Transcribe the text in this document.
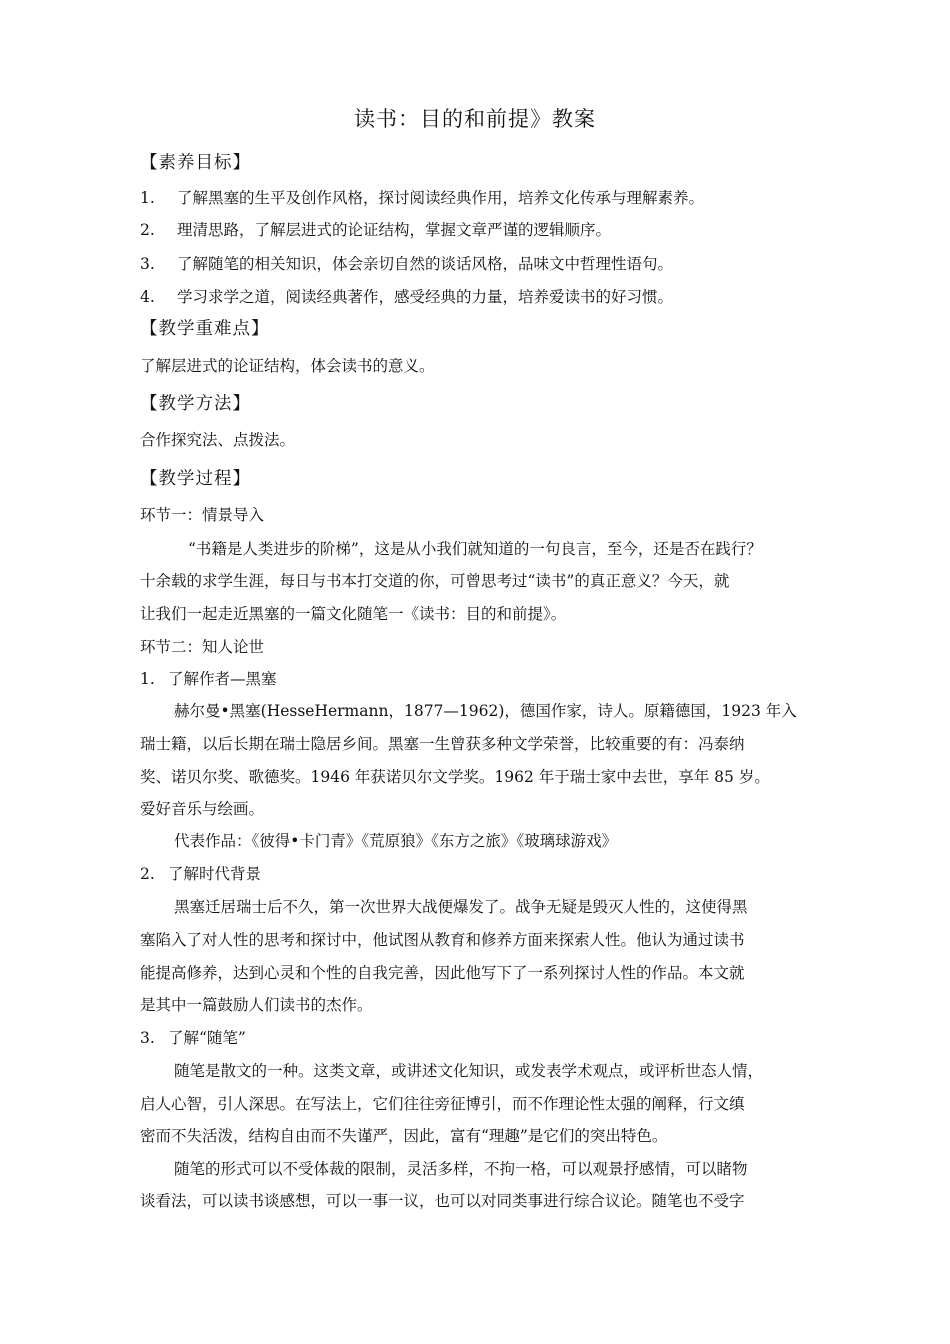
读书：目的和前提》教案
【素养目标】
1. 了解黑塞的生平及创作风格，探讨阅读经典作用，培养文化传承与理解素养。
2. 理清思路，了解层进式的论证结构，掌握文章严谨的逻辑顺序。
3. 了解随笔的相关知识，体会亲切自然的谈话风格，品味文中哲理性语句。
4. 学习求学之道，阅读经典著作，感受经典的力量，培养爱读书的好习惯。
【教学重难点】
了解层进式的论证结构，体会读书的意义。
【教学方法】
合作探究法、点拨法。
【教学过程】
环节一：情景导入
“书籍是人类进步的阶梯”，这是从小我们就知道的一句良言，至今，还是否在践行？
十余载的求学生涯，每日与书本打交道的你，可曾思考过“读书”的真正意义？今天，就
让我们一起走近黑塞的一篇文化随笔一《读书：目的和前提》。
环节二：知人论世
1. 了解作者—黑塞
赫尔曼•黑塞(HesseHermann，1877—1962)，德国作家，诗人。原籍德国，1923 年入
瑞士籍，以后长期在瑞士隐居乡间。黑塞一生曾获多种文学荣誉，比较重要的有：冯泰纳
奖、诺贝尔奖、歌德奖。1946 年获诺贝尔文学奖。1962 年于瑞士家中去世，享年 85 岁。
爱好音乐与绘画。
代表作品：《彼得•卡门青》《荒原狼》《东方之旅》《玻璃球游戏》
2. 了解时代背景
黑塞迁居瑞士后不久，第一次世界大战便爆发了。战争无疑是毁灭人性的，这使得黑
塞陷入了对人性的思考和探讨中，他试图从教育和修养方面来探索人性。他认为通过读书
能提高修养，达到心灵和个性的自我完善，因此他写下了一系列探讨人性的作品。本文就
是其中一篇鼓励人们读书的杰作。
3. 了解“随笔”
随笔是散文的一种。这类文章，或讲述文化知识，或发表学术观点，或评析世态人情，
启人心智，引人深思。在写法上，它们往往旁征博引，而不作理论性太强的阐释，行文缜
密而不失活泼，结构自由而不失谨严，因此，富有“理趣”是它们的突出特色。
随笔的形式可以不受体裁的限制，灵活多样，不拘一格，可以观景抒感情，可以睹物
谈看法，可以读书谈感想，可以一事一议，也可以对同类事进行综合议论。随笔也不受字
